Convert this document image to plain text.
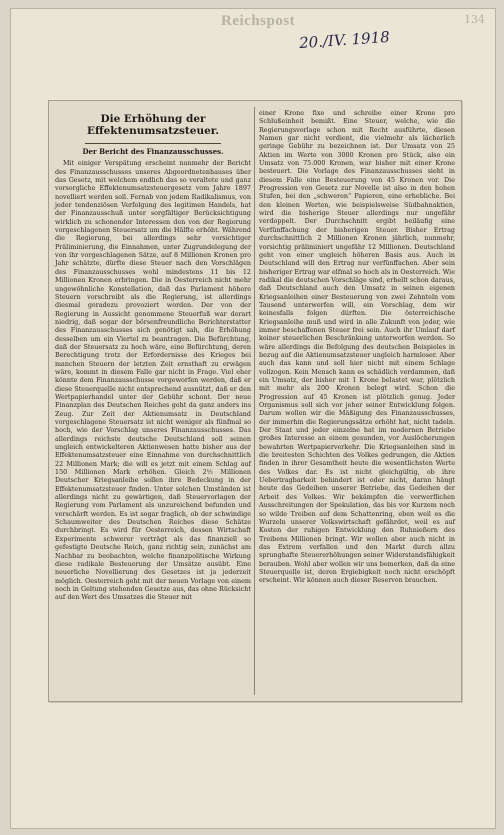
Reichspost
20./IV. 1918
134
Die Erhöhung der Effektenumsatzsteuer.
Der Bericht des Finanzausschusses.

Mit einiger Verspätung erscheint nunmehr der Bericht des Finanzausschusses unseres Abgeordnetenhauses über das Gesetz, mit welchem endlich das so veraltete und ganz vorsorgliche Effektenumsatzsteuergesetz vom Jahre 1897 novelliert werden soll. Fernab von jedem Radikalismus, von jeder tendenziösen Verfolgung des legitimen Handels, hat der Finanzausschuß unter sorgfältiger Berücksichtigung wirklich zu schonender Interessen den von der Regierung vorgeschlagenen Steuersatz um die Hälfte erhöht. Während die Regierung, bei allerdings sehr vorsichtiger Präliminierung, die Einnahmen, unter Zugrundelegung der von ihr vorgeschlagenen Sätze, auf 8 Millionen Kronen pro Jahr schätzte, dürfte diese Steuer nach den Vorschlägen des Finanzausschusses wohl mindestens 11 bis 12 Millionen Kronen erbringen. Die in Oesterreich nicht mehr ungewöhnliche Konstellation, daß das Parlament höhere Steuern vorschreibt als die Regierung, ist allerdings diesmal geradezu provoziert worden. Der von der Regierung in Aussicht genommene Steuerfuß war derart niedrig, daß sogar der börsenfreundliche Berichterstatter des Finanzausschusses sich genötigt sah, die Erhöhung desselben um ein Viertel zu beantragen. Die Befürchtung, daß der Steuersatz zu hoch wäre, eine Befürchtung, deren Berechtigung trotz der Erfordernisse des Krieges bei manchen Steuern der letzten Zeit ernsthaft zu erwägen wäre, kommt in diesem Falle gar nicht in Frage. Viel eher könnte dem Finanzausschusse vorgeworfen werden, daß er diese Steuerquelle nicht entsprechend ausnützt, daß er den Wertpapierhandel unter der Gebühr schont. Der neue Finanzplan des Deutschen Reiches geht da ganz anders ins Zeug. Zur Zeit der Aktienumsatz in Deutschland vorgeschlagene Steuersatz ist nicht weniger als fünfmal so hoch, wie der Vorschlag unseres Finanzausschusses. Das allerdings reichste deutsche Deutschland soll seinen ungleich entwickelteren Aktienwesen hatte bisher aus der Effektenumsatzsteuer eine Einnahme von durchschnittlich 22 Millionen Mark; die will es jetzt mit einem Schlag auf 150 Millionen Mark erhöhen. Gleich 2½ Millionen Deutscher Kriegsanleihe sollen ihre Bedeckung in der Effektenumsatzsteuer finden. Unter solchen Umständen ist allerdings nicht zu gewärtigen, daß Steuervorlagen der Regierung vom Parlament als unzureichend befunden und verschärft werden. Es ist sogar fraglich, ob der schwindige Schaumweiter des Deutschen Reiches diese Schätze durchbringt. Es wird für Oesterreich, dessen Wirtschaft Experimente schwerer verträgt als das finanziell so gefestigte Deutsche Reich, ganz richtig sein, zunächst am Nachbar zu beobachten, welche finanzpolitische Wirkung diese radikale Besteuerung der Umsätze ausübt. Eine neuerliche Novellierung des Gesetzes ist ja jederzeit möglich. Oesterreich geht mit der neuen Vorlage von einem noch in Geltung stehenden Gesetze aus, das ohne Rücksicht auf den Wert des Umsatzes die Steuer mit

einer Krone fixe und schreibe einer Krone pro Schlußeinheit bemißt. Eine Steuer, welche, wie die Regierungsvorlage schon mit Recht ausführte, diesen Namen gar nicht verdient, die vielmehr als lächerlich geringe Gebühr zu bezeichnen ist. Der Umsatz von 25 Aktien im Werte von 3000 Kronen pro Stück, also ein Umsatz von 75.000 Kronen, war bisher mit einer Krone besteuert. Die Vorlage des Finanzausschusses sieht in diesem Falle eine Besteuerung von 45 Kronen vor. Die Progression von Gesetz zur Novelle ist also in den hohen Stufen, bei den „schweren“ Papieren, eine erhebliche. Bei den kleinen Werten, wie beispielsweise Südbahnaktien, wird die bisherige Steuer allerdings nur ungefähr verdoppelt. Der Durchschnitt ergibt beiläufig eine Verfünffachung der bisherigen Steuer. Bisher Ertrag durchschnittlich 2 Millionen Kronen jährlich, nunmehr, vorsichtig präliminiert ungefähr 12 Millionen. Deutschland geht von einer ungleich höheren Basis aus. Auch in Deutschland will den Ertrag nur verfünffachen. Aber sein bisheriger Ertrag war elfmal so hoch als in Oesterreich. Wie radikal die deutschen Vorschläge sind, erhellt schon daraus, daß Deutschland auch den Umsatz in seinen eigenen Kriegsanleihen einer Besteuerung von zwei Zehnteln vom Tausend unterwerfen will, ein Vorschlag, dem wir keinesfalls folgen dürften. Die österreichische Kriegsanleihe muß und wird in alle Zukunft von jeder, wie immer beschaffenen Steuer frei sein. Auch ihr Umlauf darf keiner steuerlichen Beschränkung unterworfen werden. So wäre allerdings die Befolgung des deutschen Beispieles in bezug auf die Aktienumsatzsteuer ungleich harmloser. Aber auch das kann und soll hier nicht mit einem Schlage vollzogen. Kein Mensch kann es schädlich verdammen, daß ein Umsatz, der bisher mit 1 Krone belastet war, plötzlich mit mehr als 200 Kronen belegt wird. Schon die Progression auf 45 Kronen ist plötzlich genug. Jeder Organismus soll sich vor jeher seiner Entwicklung folgen. Darum wollen wir die Mäßigung des Finanzausschusses, der immerhin die Regierungssätze erhöht hat, nicht tadeln. Der Staat und jeder einzelne hat im modernen Betriebe großes Interesse an einem gesunden, vor Auslöcherungen bewahrten Wertpapierverkehr. Die Kriegsanleihen sind in die breitesten Schichten des Volkes gedrungen, die Aktien finden in ihrer Gesamtheit heute die wesentlichsten Werte des Volkes dar. Es ist nicht gleichgültig, ob ihre Uebertragbarkeit behindert ist oder nicht, daran hängt heute das Gedeihen unserer Betriebe, das Gedeihen der Arbeit des Volkes. Wir bekämpfen die verwerflichen Ausschreitungen der Spekulation, das bis vor Kurzem noch so wilde Treiben auf dem Schattenring, eben weil es die Wurzeln unserer Volkswirtschaft gefährdet, weil es auf Kosten der ruhigen Entwicklung den Ruhnießern des Treibens Millionen bringt. Wir wollen aber auch nicht in das Extrem verfallen und den Markt durch allzu sprunghafte Steuererhöhungen seiner Widerstandsfähigkeit berauben. Wohl aber wollen wir uns bemerken, daß da eine Steuerquelle ist, deren Ergiebigkeit noch nicht erschöpft erscheint. Wir können auch dieser Reserven brauchen.
